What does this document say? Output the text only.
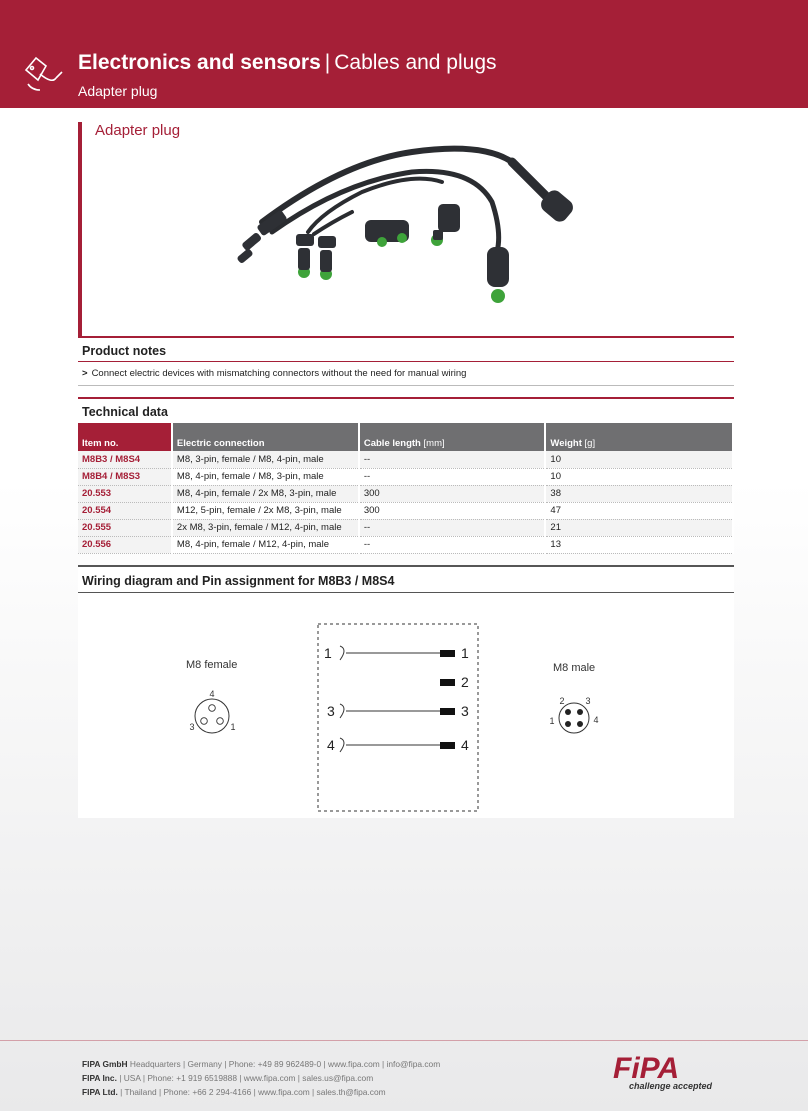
Electronics and sensors | Cables and plugs
Adapter plug
Adapter plug
Product notes
> Connect electric devices with mismatching connectors without the need for manual wiring
Technical data
Item no.	Electric connection	Cable length [mm]	Weight [g]
M8B3 / M8S4	M8, 3-pin, female / M8, 4-pin, male	--	10
M8B4 / M8S3	M8, 4-pin, female / M8, 3-pin, male	--	10
20.553	M8, 4-pin, female / 2x M8, 3-pin, male	300	38
20.554	M12, 5-pin, female / 2x M8, 3-pin, male	300	47
20.555	2x M8, 3-pin, female / M12, 4-pin, male	--	21
20.556	M8, 4-pin, female / M12, 4-pin, male	--	13
Wiring diagram and Pin assignment for M8B3 / M8S4
M8 female	M8 male
4
3	1
2 3
1	4
1
3
4
1
2
3
4
FIPA GmbH Headquarters | Germany | Phone: +49 89 962489-0 | www.fipa.com | info@fipa.com
FIPA Inc. | USA | Phone: +1 919 6519888 | www.fipa.com | sales.us@fipa.com
FIPA Ltd. | Thailand | Phone: +66 2 294-4166 | www.fipa.com | sales.th@fipa.com
FiPA
challenge accepted
